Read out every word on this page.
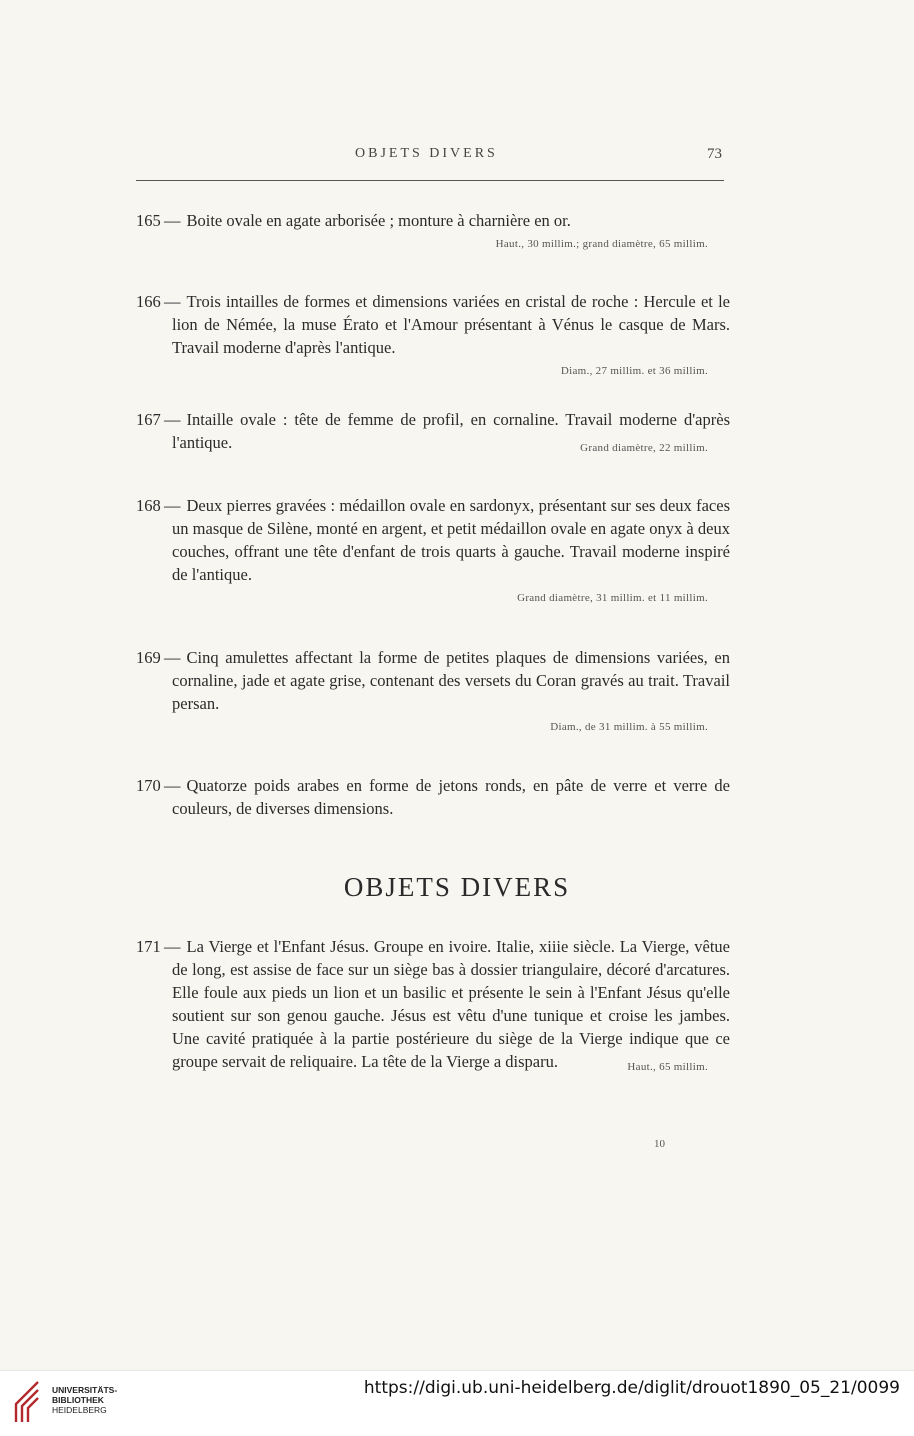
OBJETS DIVERS	73
165 — Boite ovale en agate arborisée ; monture à charnière en or.
Haut., 30 millim.; grand diamètre, 65 millim.
166 — Trois intailles de formes et dimensions variées en cristal de roche : Hercule et le lion de Némée, la muse Érato et l'Amour présentant à Vénus le casque de Mars. Travail moderne d'après l'antique.
Diam., 27 millim. et 36 millim.
167 — Intaille ovale : tête de femme de profil, en cornaline. Travail moderne d'après l'antique.	Grand diamètre, 22 millim.
168 — Deux pierres gravées : médaillon ovale en sardonyx, présentant sur ses deux faces un masque de Silène, monté en argent, et petit médaillon ovale en agate onyx à deux couches, offrant une tête d'enfant de trois quarts à gauche. Travail moderne inspiré de l'antique.
Grand diamètre, 31 millim. et 11 millim.
169 — Cinq amulettes affectant la forme de petites plaques de dimensions variées, en cornaline, jade et agate grise, contenant des versets du Coran gravés au trait. Travail persan.
Diam., de 31 millim. à 55 millim.
170 — Quatorze poids arabes en forme de jetons ronds, en pâte de verre et verre de couleurs, de diverses dimensions.
OBJETS DIVERS
171 — La Vierge et l'Enfant Jésus. Groupe en ivoire. Italie, xiiie siècle. La Vierge, vêtue de long, est assise de face sur un siège bas à dossier triangulaire, décoré d'arcatures. Elle foule aux pieds un lion et un basilic et présente le sein à l'Enfant Jésus qu'elle soutient sur son genou gauche. Jésus est vêtu d'une tunique et croise les jambes. Une cavité pratiquée à la partie postérieure du siège de la Vierge indique que ce groupe servait de reliquaire. La tête de la Vierge a disparu.	Haut., 65 millim.
10
UNIVERSITÄTS-
BIBLIOTHEK
HEIDELBERG
https://digi.ub.uni-heidelberg.de/diglit/drouot1890_05_21/0099
